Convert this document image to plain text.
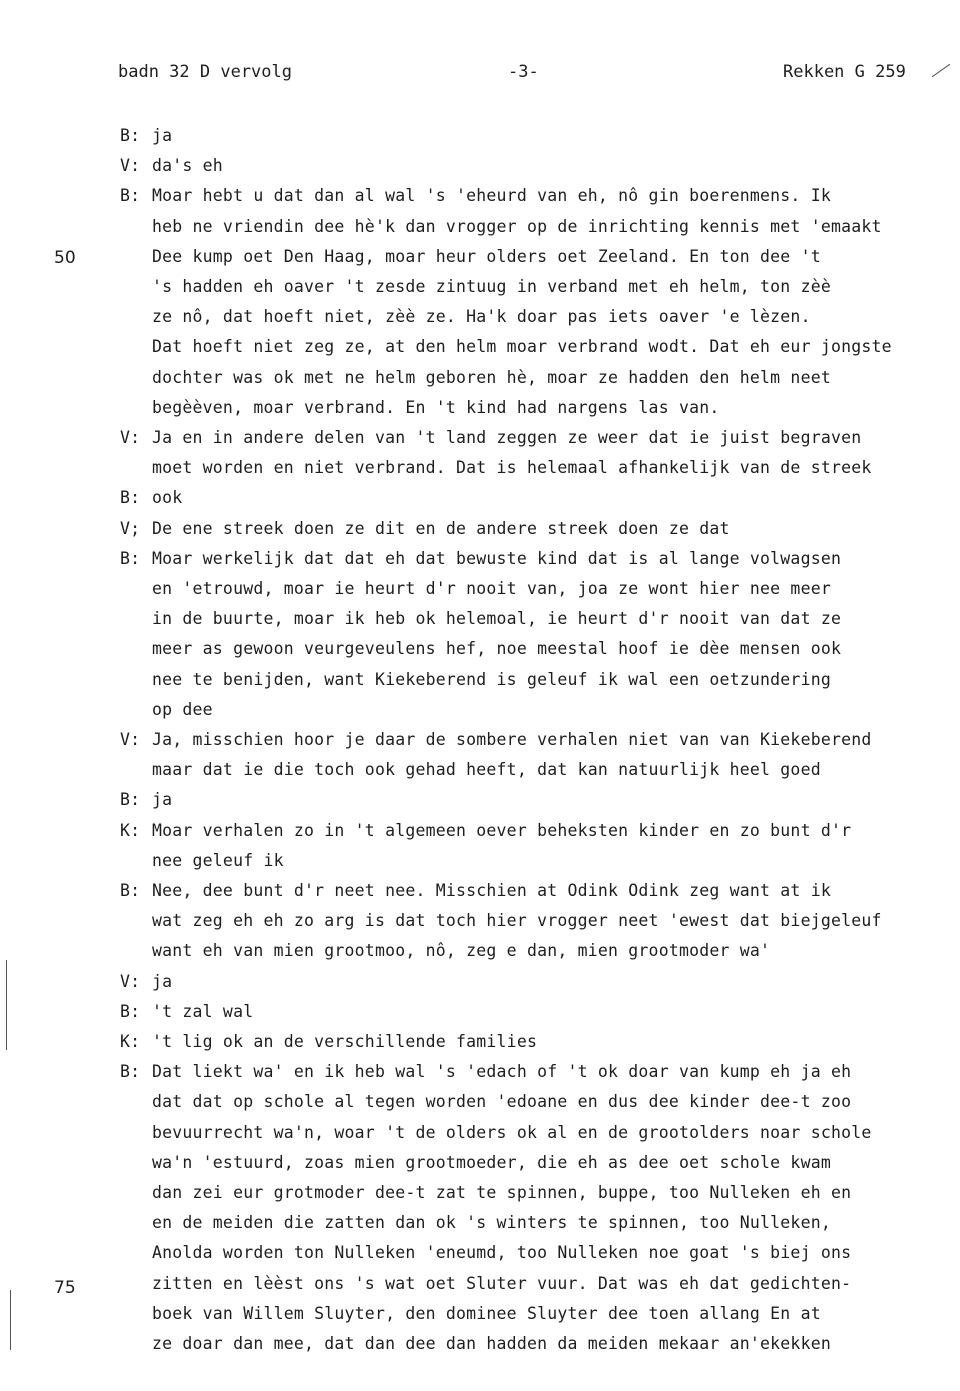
badn 32 D vervolg	-3-	Rekken G 259
50
75
B: ja
V: da's eh
B: Moar hebt u dat dan al wal 's 'eheurd van eh, nô gin boerenmens. Ik
heb ne vriendin dee hè'k dan vrogger op de inrichting kennis met 'emaakt
Dee kump oet Den Haag, moar heur olders oet Zeeland. En ton dee 't
's hadden eh oaver 't zesde zintuug in verband met eh helm, ton zèè
ze nô, dat hoeft niet, zèè ze. Ha'k doar pas iets oaver 'e lèzen.
Dat hoeft niet zeg ze, at den helm moar verbrand wodt. Dat eh eur jongste
dochter was ok met ne helm geboren hè, moar ze hadden den helm neet
begèèven, moar verbrand. En 't kind had nargens las van.
V: Ja en in andere delen van 't land zeggen ze weer dat ie juist begraven
moet worden en niet verbrand. Dat is helemaal afhankelijk van de streek
B: ook
V; De ene streek doen ze dit en de andere streek doen ze dat
B: Moar werkelijk dat dat eh dat bewuste kind dat is al lange volwagsen
en 'etrouwd, moar ie heurt d'r nooit van, joa ze wont hier nee meer
in de buurte, moar ik heb ok helemoal, ie heurt d'r nooit van dat ze
meer as gewoon veurgeveulens hef, noe meestal hoof ie dèe mensen ook
nee te benijden, want Kiekeberend is geleuf ik wal een oetzundering
op dee
V: Ja, misschien hoor je daar de sombere verhalen niet van van Kiekeberend
maar dat ie die toch ook gehad heeft, dat kan natuurlijk heel goed
B: ja
K: Moar verhalen zo in 't algemeen oever beheksten kinder en zo bunt d'r
nee geleuf ik
B: Nee, dee bunt d'r neet nee. Misschien at Odink Odink zeg want at ik
wat zeg eh eh zo arg is dat toch hier vrogger neet 'ewest dat biejgeleuf
want eh van mien grootmoo, nô, zeg e dan, mien grootmoder wa'
V: ja
B: 't zal wal
K: 't lig ok an de verschillende families
B: Dat liekt wa' en ik heb wal 's 'edach of 't ok doar van kump eh ja eh
dat dat op schole al tegen worden 'edoane en dus dee kinder dee-t zoo
bevuurrecht wa'n, woar 't de olders ok al en de grootolders noar schole
wa'n 'estuurd, zoas mien grootmoeder, die eh as dee oet schole kwam
dan zei eur grotmoder dee-t zat te spinnen, buppe, too Nulleken eh en
en de meiden die zatten dan ok 's winters te spinnen, too Nulleken,
Anolda worden ton Nulleken 'eneumd, too Nulleken noe goat 's biej ons
zitten en lèèst ons 's wat oet Sluter vuur. Dat was eh dat gedichten-
boek van Willem Sluyter, den dominee Sluyter dee toen allang En at
ze doar dan mee, dat dan dee dan hadden da meiden mekaar an'ekekken
